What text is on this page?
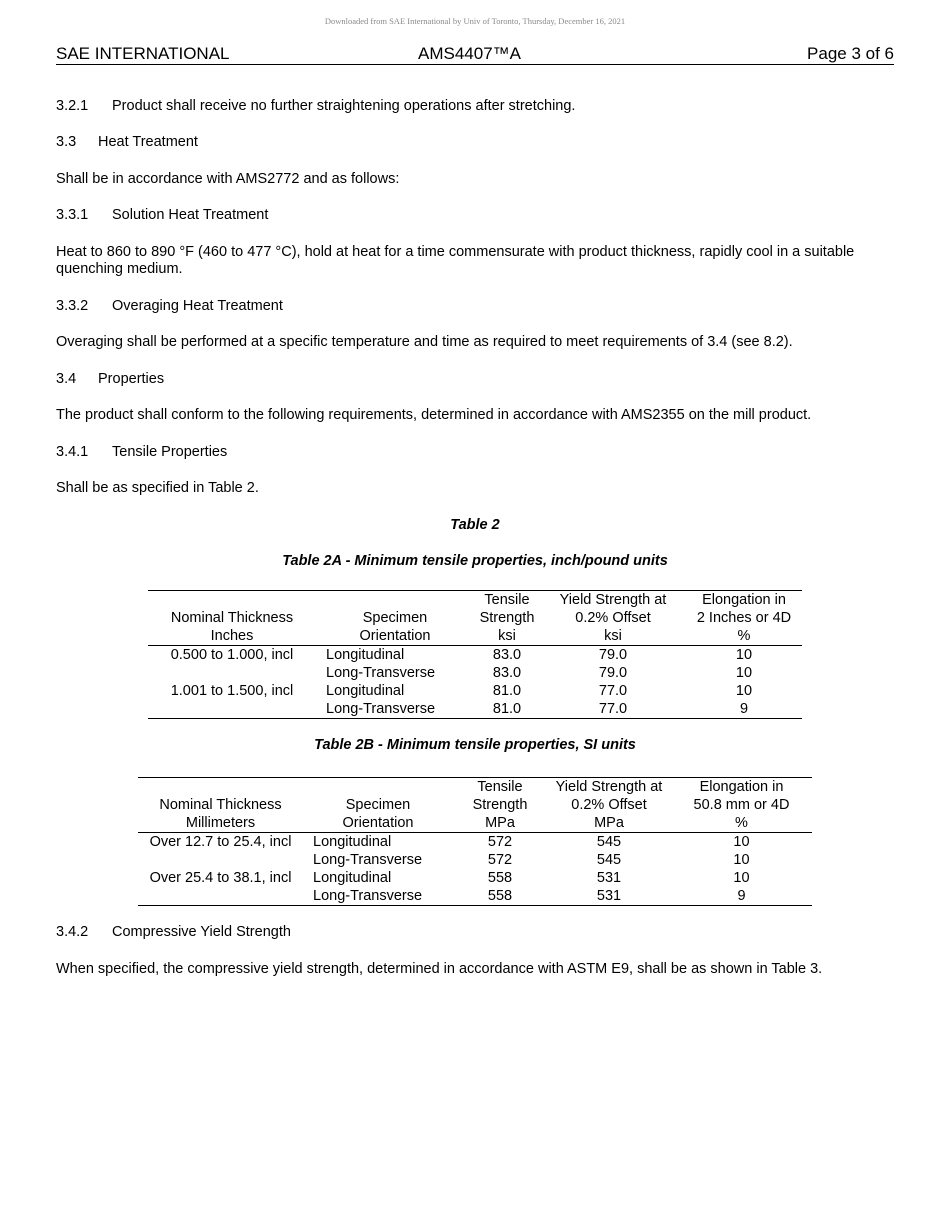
Downloaded from SAE International by Univ of Toronto, Thursday, December 16, 2021
SAE INTERNATIONAL	AMS4407™A	Page 3 of 6
3.2.1 Product shall receive no further straightening operations after stretching.
3.3 Heat Treatment
Shall be in accordance with AMS2772 and as follows:
3.3.1 Solution Heat Treatment
Heat to 860 to 890 °F (460 to 477 °C), hold at heat for a time commensurate with product thickness, rapidly cool in a suitable quenching medium.
3.3.2 Overaging Heat Treatment
Overaging shall be performed at a specific temperature and time as required to meet requirements of 3.4 (see 8.2).
3.4 Properties
The product shall conform to the following requirements, determined in accordance with AMS2355 on the mill product.
3.4.1 Tensile Properties
Shall be as specified in Table 2.
Table 2
Table 2A - Minimum tensile properties, inch/pound units
		Tensile	Yield Strength at	Elongation in
Nominal Thickness	Specimen	Strength	0.2% Offset	2 Inches or 4D
Inches	Orientation	ksi	ksi	%
0.500 to 1.000, incl	Longitudinal	83.0	79.0	10
	Long-Transverse	83.0	79.0	10
1.001 to 1.500, incl	Longitudinal	81.0	77.0	10
	Long-Transverse	81.0	77.0	9
Table 2B - Minimum tensile properties, SI units
		Tensile	Yield Strength at	Elongation in
Nominal Thickness	Specimen	Strength	0.2% Offset	50.8 mm or 4D
Millimeters	Orientation	MPa	MPa	%
Over 12.7 to 25.4, incl	Longitudinal	572	545	10
	Long-Transverse	572	545	10
Over 25.4 to 38.1, incl	Longitudinal	558	531	10
	Long-Transverse	558	531	9
3.4.2 Compressive Yield Strength
When specified, the compressive yield strength, determined in accordance with ASTM E9, shall be as shown in Table 3.
